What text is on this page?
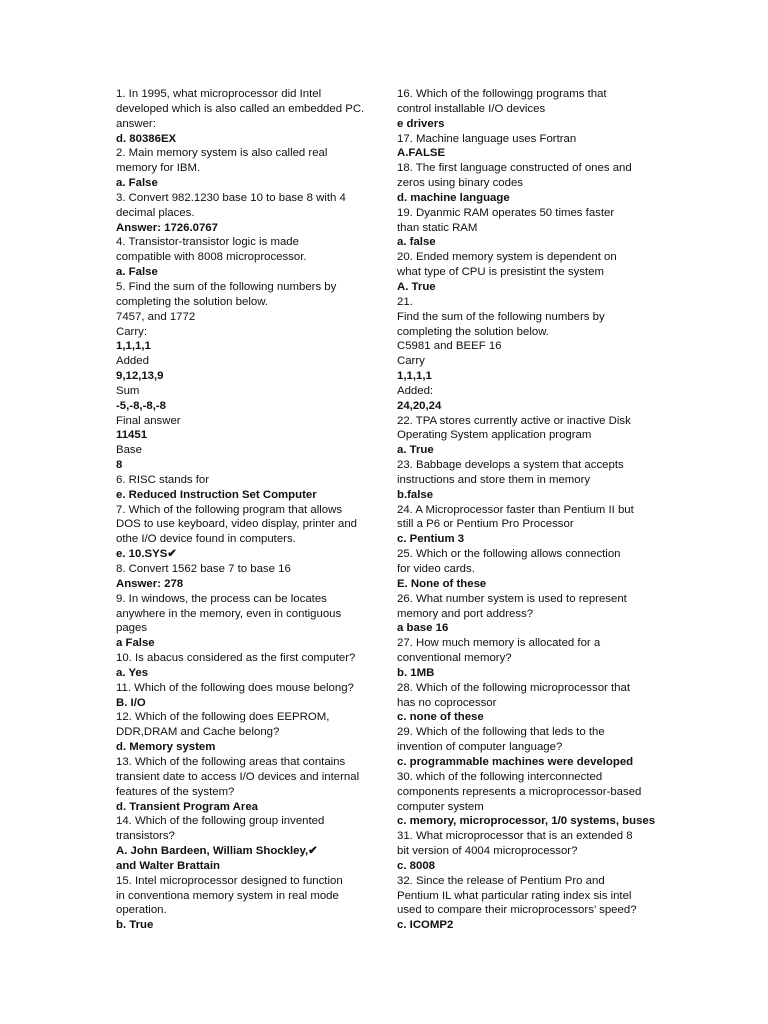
1. In 1995, what microprocessor did Intel
developed which is also called an embedded PC.
answer:
d. 80386EX
2. Main memory system is also called real
memory for IBM.
a. False
3. Convert 982.1230 base 10 to base 8 with 4
decimal places.
Answer: 1726.0767
4. Transistor-transistor logic is made
compatible with 8008 microprocessor.
a. False
5. Find the sum of the following numbers by
completing the solution below.
7457, and 1772
Carry:
1,1,1,1
Added
9,12,13,9
Sum
-5,-8,-8,-8
Final answer
11451
Base
8
6. RISC stands for
e. Reduced Instruction Set Computer
7. Which of the following program that allows
DOS to use keyboard, video display, printer and
othe I/O device found in computers.
e. 10.SYS✔
8. Convert 1562 base 7 to base 16
Answer: 278
9. In windows, the process can be locates
anywhere in the memory, even in contiguous
pages
a False
10. Is abacus considered as the first computer?
a. Yes
11. Which of the following does mouse belong?
B. I/O
12. Which of the following does EEPROM,
DDR,DRAM and Cache belong?
d. Memory system
13. Which of the following areas that contains
transient date to access I/O devices and internal
features of the system?
d. Transient Program Area
14. Which of the following group invented
transistors?
A. John Bardeen, William Shockley,✔
and Walter Brattain
15. Intel microprocessor designed to function
in conventiona memory system in real mode
operation.
b. True
16. Which of the followingg programs that
control installable I/O devices
e drivers
17. Machine language uses Fortran
A.FALSE
18. The first language constructed of ones and
zeros using binary codes
d. machine language
19. Dyanmic RAM operates 50 times faster
than static RAM
a. false
20. Ended memory system is dependent on
what type of CPU is presistint the system
A. True
21.
Find the sum of the following numbers by
completing the solution below.
C5981 and BEEF 16
Carry
1,1,1,1
Added:
24,20,24
22. TPA stores currently active or inactive Disk
Operating System application program
a. True
23. Babbage develops a system that accepts
instructions and store them in memory
b.false
24. A Microprocessor faster than Pentium II but
still a P6 or Pentium Pro Processor
c. Pentium 3
25. Which or the following allows connection
for video cards.
E. None of these
26. What number system is used to represent
memory and port address?
a base 16
27. How much memory is allocated for a
conventional memory?
b. 1MB
28. Which of the following microprocessor that
has no coprocessor
c. none of these
29. Which of the following that leds to the
invention of computer language?
c. programmable machines were developed
30. which of the following interconnected
components represents a microprocessor-based
computer system
c. memory, microprocessor, 1/0 systems, buses
31. What microprocessor that is an extended 8
bit version of 4004 microprocessor?
c. 8008
32. Since the release of Pentium Pro and
Pentium IL what particular rating index sis intel
used to compare their microprocessors’ speed?
c. ICOMP2
